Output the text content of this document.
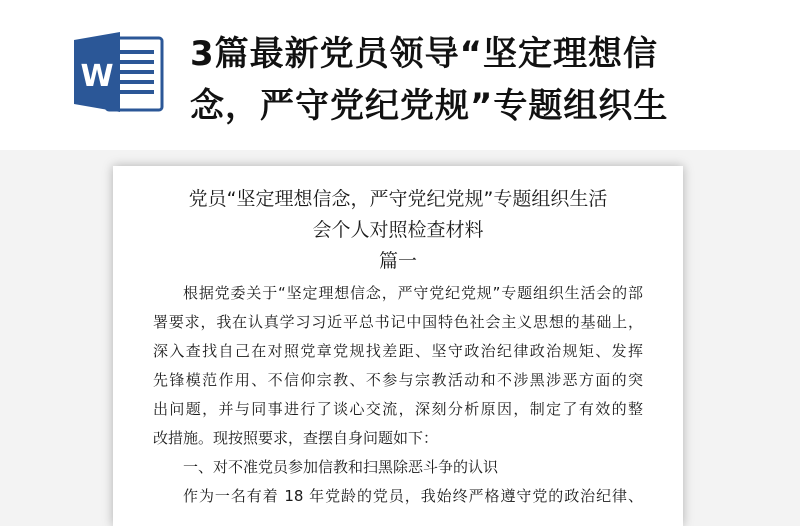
W
3篇最新党员领导“坚定理想信
念，严守党纪党规”专题组织生
党员“坚定理想信念，严守党纪党规”专题组织生活
会个人对照检查材料
篇一
根据党委关于“坚定理想信念，严守党纪党规”专题组织生活会的部
署要求，我在认真学习习近平总书记中国特色社会主义思想的基础上，
深入查找自己在对照党章党规找差距、坚守政治纪律政治规矩、发挥
先锋模范作用、不信仰宗教、不参与宗教活动和不涉黑涉恶方面的突
出问题，并与同事进行了谈心交流，深刻分析原因，制定了有效的整
改措施。现按照要求，查摆自身问题如下：
一、对不准党员参加信教和扫黑除恶斗争的认识
作为一名有着 18 年党龄的党员，我始终严格遵守党的政治纪律、
